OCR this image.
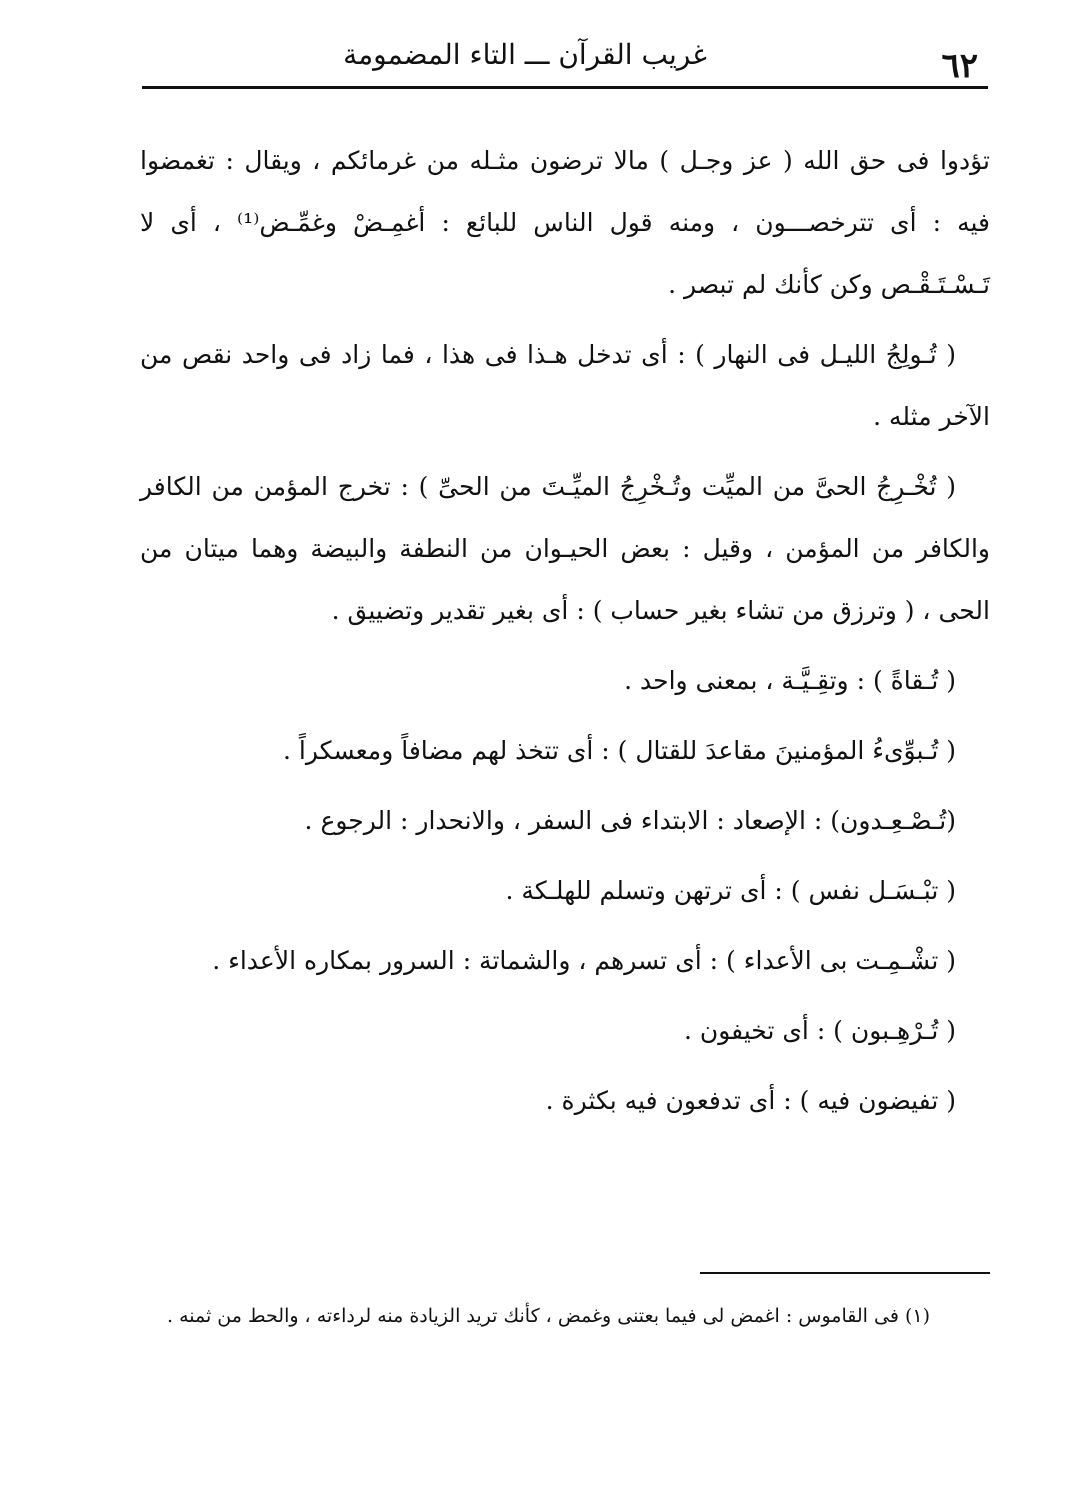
٦٢
غريب القرآن ـــ التاء المضمومة

تؤدوا فى حق الله ( عز وجـل ) مالا ترضون مثـله من غرمائكم ، ويقال : تغمضوا فيه : أى تترخصـــون ، ومنه قول الناس للبائع : أغمِـضْ وغمِّـض⁽¹⁾ ، أى لا تَـسْـتَـقْـص وكن كأنك لم تبصر .

( تُـولِجُ الليـل فى النهار ) : أى تدخل هـذا فى هذا ، فما زاد فى واحد نقص من الآخر مثله .

( تُخْـرِجُ الحىَّ من الميِّت وتُـخْرِجُ الميِّـتَ من الحىِّ ) : تخرج المؤمن من الكافر والكافر من المؤمن ، وقيل : بعض الحيـوان من النطفة والبيضة وهما ميتان من الحى ، ( وترزق من تشاء بغير حساب ) : أى بغير تقدير وتضييق .

( تُـقاةً ) : وتقِـيَّـة ، بمعنى واحد .

( تُـبوِّىءُ المؤمنينَ مقاعدَ للقتال ) : أى تتخذ لهم مضافاً ومعسكراً .

(تُـصْـعِـدون) : الإصعاد : الابتداء فى السفر ، والانحدار : الرجوع .

( تبْـسَـل نفس ) : أى ترتهن وتسلم للهلـكة .

( تشْـمِـت بى الأعداء ) : أى تسرهم ، والشماتة : السرور بمكاره الأعداء .

( تُـرْهِـبون ) : أى تخيفون .

( تفيضون فيه ) : أى تدفعون فيه بكثرة .

(١) فى القاموس : اغمض لى فيما بعتنى وغمض ، كأنك تريد الزيادة منه لرداءته ، والحط من ثمنه .
